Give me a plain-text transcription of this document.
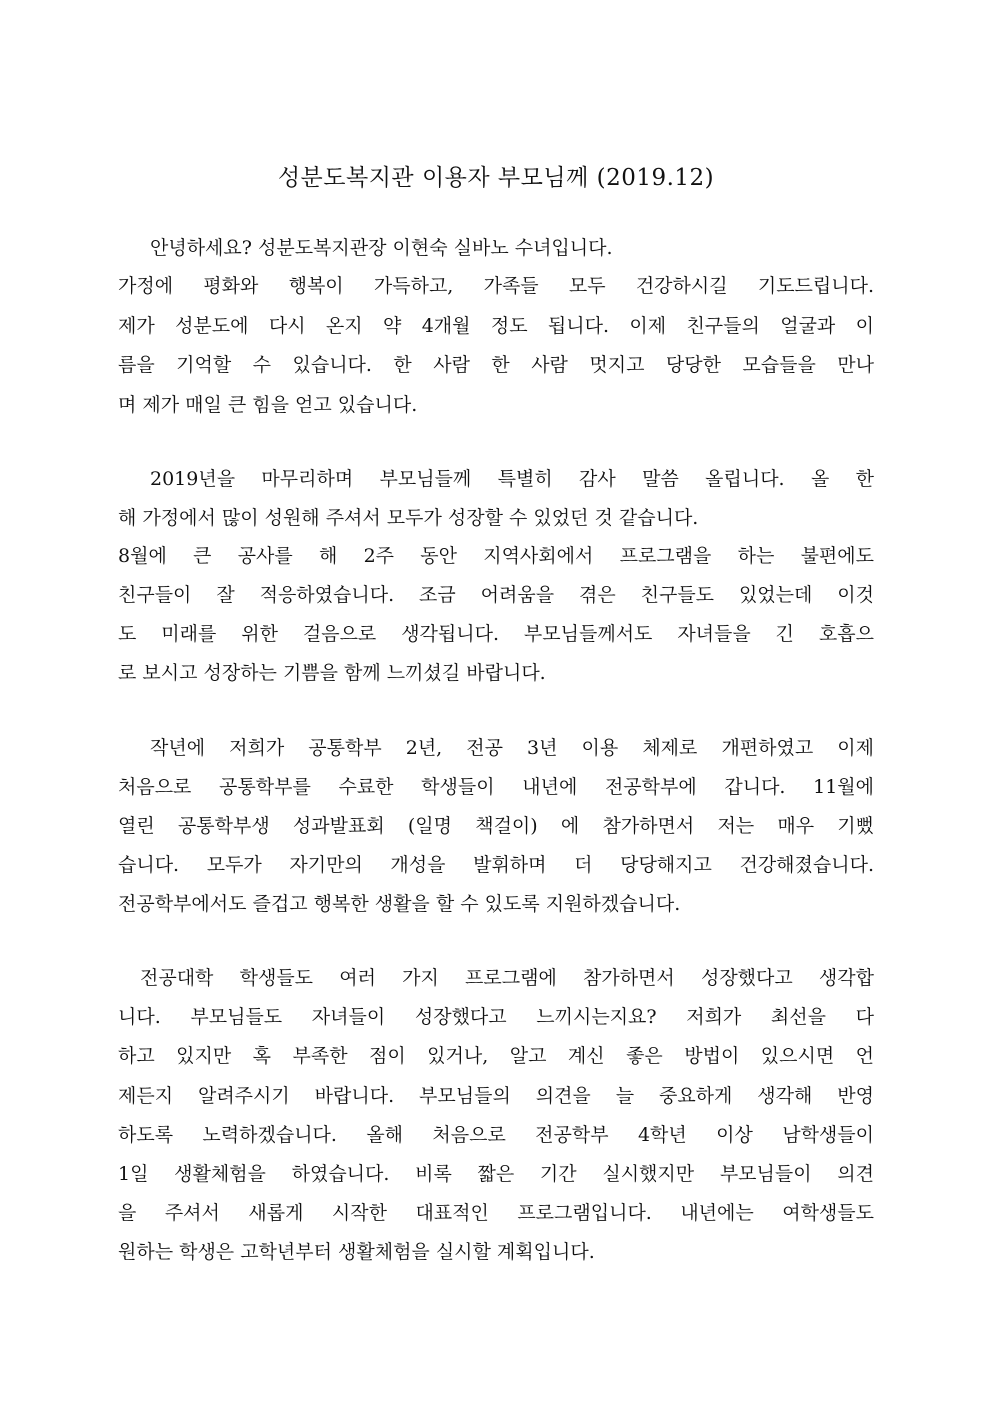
성분도복지관 이용자 부모님께 (2019.12)
안녕하세요? 성분도복지관장 이현숙 실바노 수녀입니다.
가정에 평화와 행복이 가득하고, 가족들 모두 건강하시길 기도드립니다.
제가 성분도에 다시 온지 약 4개월 정도 됩니다. 이제 친구들의 얼굴과 이
름을 기억할 수 있습니다. 한 사람 한 사람 멋지고 당당한 모습들을 만나
며 제가 매일 큰 힘을 얻고 있습니다.
2019년을 마무리하며 부모님들께 특별히 감사 말씀 올립니다. 올 한
해 가정에서 많이 성원해 주셔서 모두가 성장할 수 있었던 것 같습니다.
8월에 큰 공사를 해 2주 동안 지역사회에서 프로그램을 하는 불편에도
친구들이 잘 적응하였습니다. 조금 어려움을 겪은 친구들도 있었는데 이것
도 미래를 위한 걸음으로 생각됩니다. 부모님들께서도 자녀들을 긴 호흡으
로 보시고 성장하는 기쁨을 함께 느끼셨길 바랍니다.
작년에 저희가 공통학부 2년, 전공 3년 이용 체제로 개편하였고 이제
처음으로 공통학부를 수료한 학생들이 내년에 전공학부에 갑니다. 11월에
열린 공통학부생 성과발표회 (일명 책걸이) 에 참가하면서 저는 매우 기뻤
습니다. 모두가 자기만의 개성을 발휘하며 더 당당해지고 건강해졌습니다.
전공학부에서도 즐겁고 행복한 생활을 할 수 있도록 지원하겠습니다.
전공대학 학생들도 여러 가지 프로그램에 참가하면서 성장했다고 생각합
니다. 부모님들도 자녀들이 성장했다고 느끼시는지요? 저희가 최선을 다
하고 있지만 혹 부족한 점이 있거나, 알고 계신 좋은 방법이 있으시면 언
제든지 알려주시기 바랍니다. 부모님들의 의견을 늘 중요하게 생각해 반영
하도록 노력하겠습니다. 올해 처음으로 전공학부 4학년 이상 남학생들이
1일 생활체험을 하였습니다. 비록 짧은 기간 실시했지만 부모님들이 의견
을 주셔서 새롭게 시작한 대표적인 프로그램입니다. 내년에는 여학생들도
원하는 학생은 고학년부터 생활체험을 실시할 계획입니다.
